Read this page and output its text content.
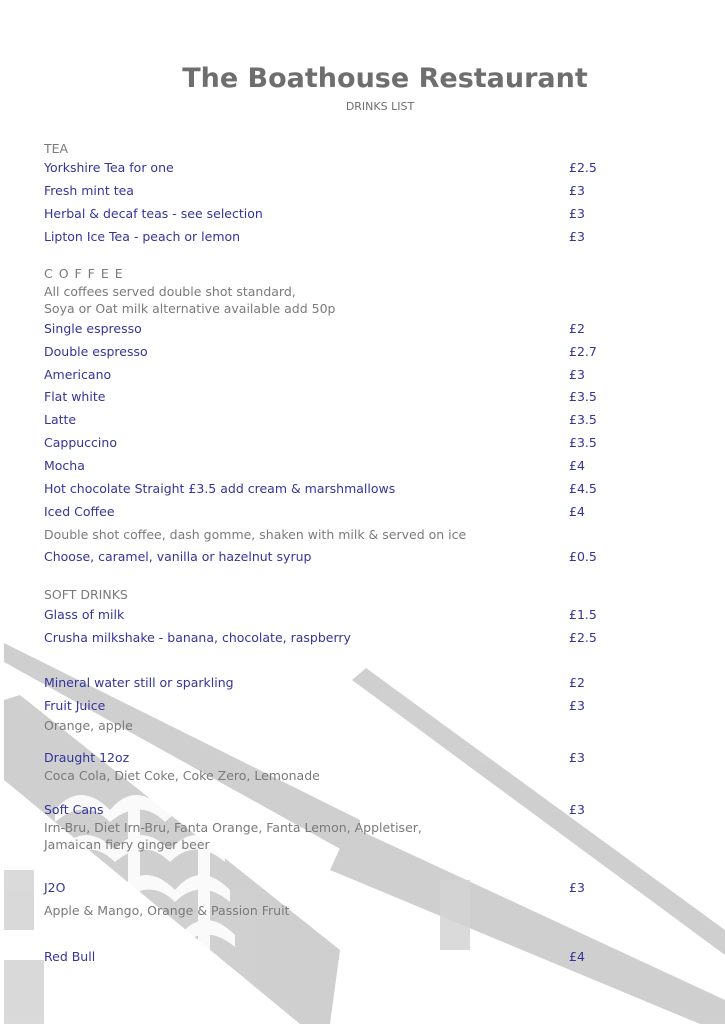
The Boathouse Restaurant
DRINKS LIST
TEA
Yorkshire Tea for one	£2.5
Fresh mint tea	£3
Herbal & decaf teas - see selection	£3
Lipton Ice Tea - peach or lemon	£3
C O F F E E
All coffees served double shot standard,
Soya or Oat milk alternative available add 50p
Single espresso	£2
Double espresso	£2.7
Americano	£3
Flat white	£3.5
Latte	£3.5
Cappuccino	£3.5
Mocha	£4
Hot chocolate Straight £3.5 add cream & marshmallows	£4.5
Iced Coffee	£4
Double shot coffee, dash gomme, shaken with milk & served on ice
Choose, caramel, vanilla or hazelnut syrup	£0.5
SOFT DRINKS
Glass of milk	£1.5
Crusha milkshake - banana, chocolate, raspberry	£2.5
Mineral water still or sparkling	£2
Fruit Juice	£3
Orange, apple
Draught 12oz	£3
Coca Cola, Diet Coke, Coke Zero, Lemonade
Soft Cans	£3
Irn-Bru, Diet Irn-Bru, Fanta Orange, Fanta Lemon, Appletiser,
Jamaican fiery ginger beer
J2O	£3
Apple & Mango, Orange & Passion Fruit
Red Bull	£4
